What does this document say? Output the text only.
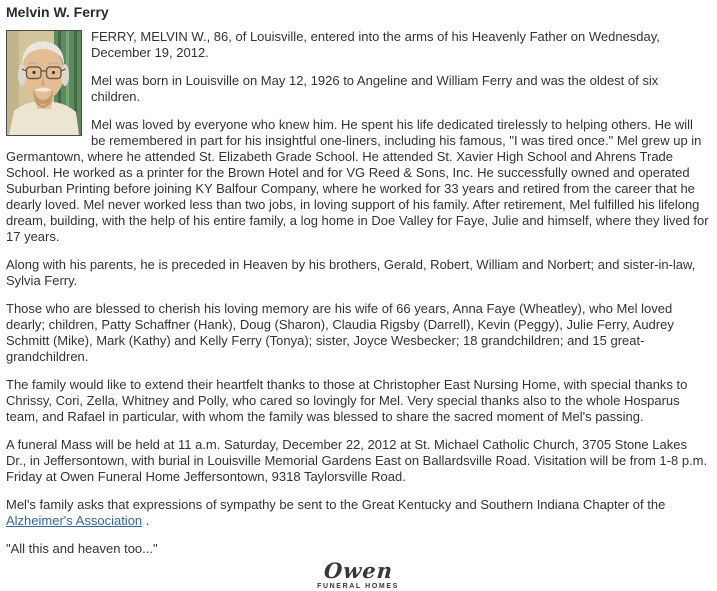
Melvin W. Ferry

FERRY, MELVIN W., 86, of Louisville, entered into the arms of his Heavenly Father on Wednesday, December 19, 2012.

Mel was born in Louisville on May 12, 1926 to Angeline and William Ferry and was the oldest of six children.

Mel was loved by everyone who knew him. He spent his life dedicated tirelessly to helping others. He will be remembered in part for his insightful one-liners, including his famous, "I was tired once." Mel grew up in Germantown, where he attended St. Elizabeth Grade School. He attended St. Xavier High School and Ahrens Trade School. He worked as a printer for the Brown Hotel and for VG Reed & Sons, Inc. He successfully owned and operated Suburban Printing before joining KY Balfour Company, where he worked for 33 years and retired from the career that he dearly loved. Mel never worked less than two jobs, in loving support of his family. After retirement, Mel fulfilled his lifelong dream, building, with the help of his entire family, a log home in Doe Valley for Faye, Julie and himself, where they lived for 17 years.

Along with his parents, he is preceded in Heaven by his brothers, Gerald, Robert, William and Norbert; and sister-in-law, Sylvia Ferry.

Those who are blessed to cherish his loving memory are his wife of 66 years, Anna Faye (Wheatley), who Mel loved dearly; children, Patty Schaffner (Hank), Doug (Sharon), Claudia Rigsby (Darrell), Kevin (Peggy), Julie Ferry, Audrey Schmitt (Mike), Mark (Kathy) and Kelly Ferry (Tonya); sister, Joyce Wesbecker; 18 grandchildren; and 15 great-grandchildren.

The family would like to extend their heartfelt thanks to those at Christopher East Nursing Home, with special thanks to Chrissy, Cori, Zella, Whitney and Polly, who cared so lovingly for Mel. Very special thanks also to the whole Hosparus team, and Rafael in particular, with whom the family was blessed to share the sacred moment of Mel's passing.

A funeral Mass will be held at 11 a.m. Saturday, December 22, 2012 at St. Michael Catholic Church, 3705 Stone Lakes Dr., in Jeffersontown, with burial in Louisville Memorial Gardens East on Ballardsville Road. Visitation will be from 1-8 p.m. Friday at Owen Funeral Home Jeffersontown, 9318 Taylorsville Road.

Mel's family asks that expressions of sympathy be sent to the Great Kentucky and Southern Indiana Chapter of the Alzheimer's Association .

"All this and heaven too..."

Owen
FUNERAL HOMES
